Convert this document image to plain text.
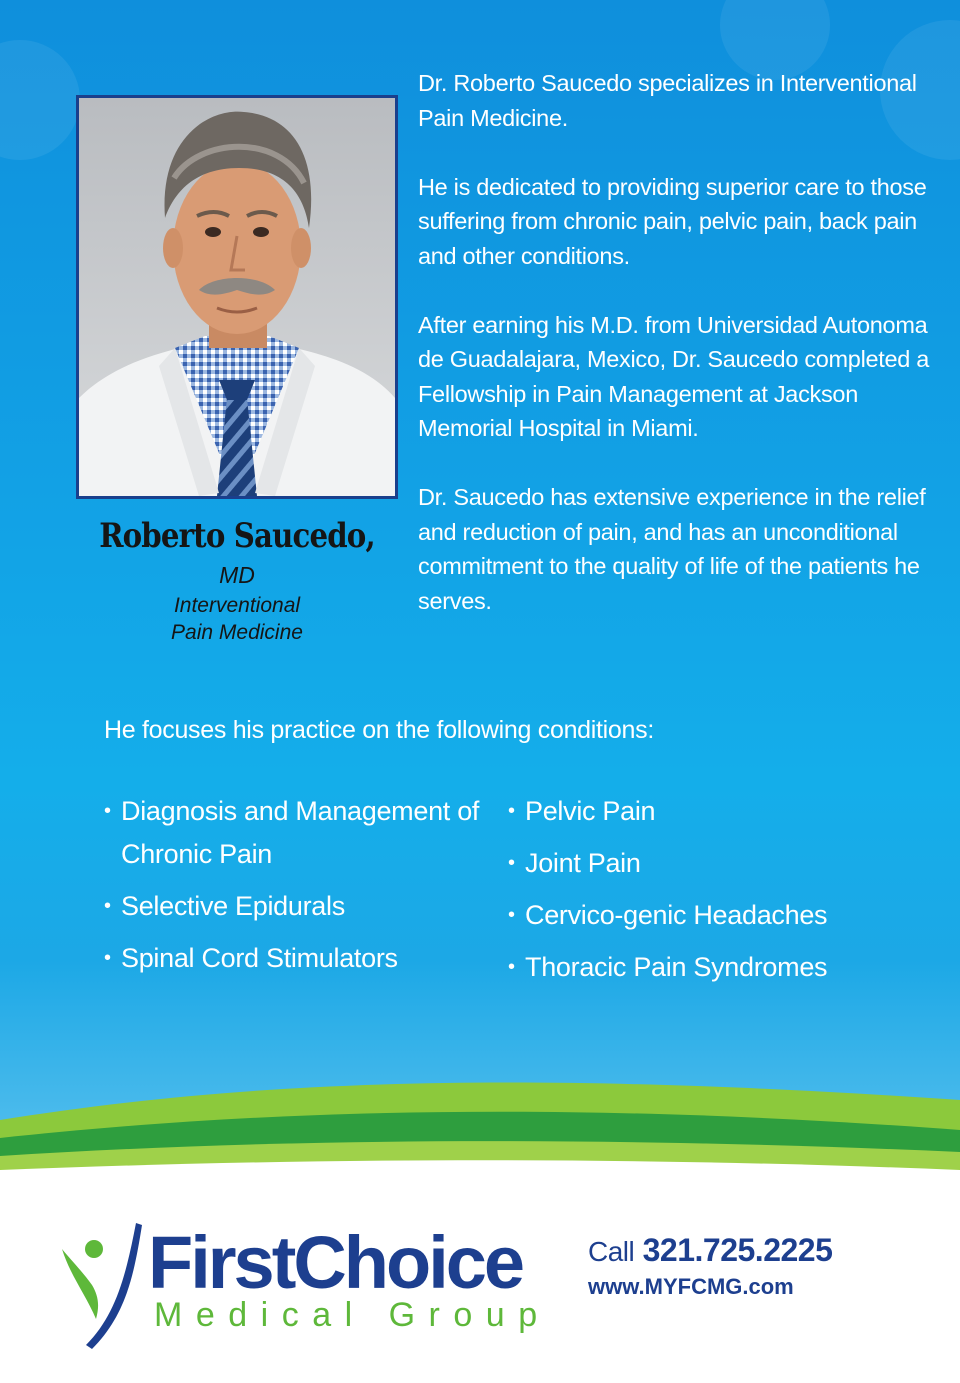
Roberto Saucedo,
MD
Interventional
Pain Medicine

Dr. Roberto Saucedo specializes in Interventional Pain Medicine.

He is dedicated to providing superior care to those suffering from chronic pain, pelvic pain, back pain and other conditions.

After earning his M.D. from Universidad Autonoma de Guadalajara, Mexico, Dr. Saucedo completed a Fellowship in Pain Management at Jackson Memorial Hospital in Miami.

Dr. Saucedo has extensive experience in the relief and reduction of pain, and has an unconditional commitment to the quality of life of the patients he serves.

He focuses his practice on the following conditions:
• Diagnosis and Management of Chronic Pain
• Selective Epidurals
• Spinal Cord Stimulators
• Pelvic Pain
• Joint Pain
• Cervico-genic Headaches
• Thoracic Pain Syndromes
FirstChoice
Medical Group
Call 321.725.2225
www.MYFCMG.com
